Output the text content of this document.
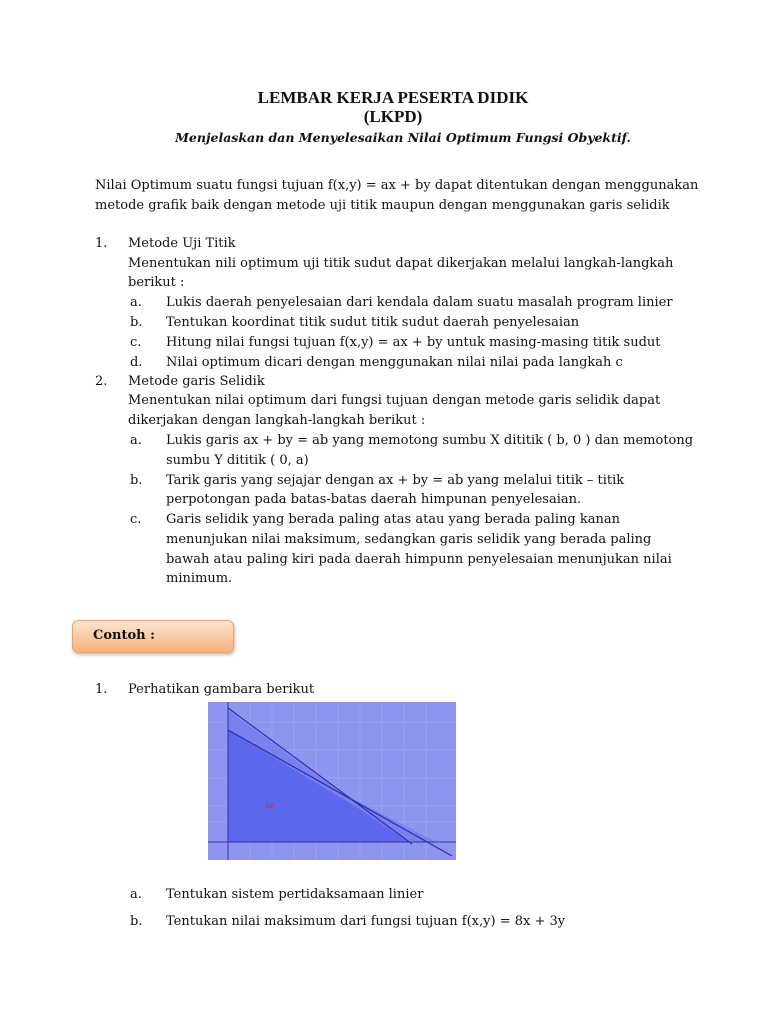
LEMBAR KERJA PESERTA DIDIK
(LKPD)
Menjelaskan dan Menyelesaikan Nilai Optimum Fungsi Obyektif.
Nilai Optimum suatu fungsi tujuan f(x,y) = ax + by dapat ditentukan dengan menggunakan
metode grafik baik dengan metode uji titik maupun dengan menggunakan garis selidik
1. Metode Uji Titik
Menentukan nili optimum uji titik sudut dapat dikerjakan melalui langkah-langkah
berikut :
a. Lukis daerah penyelesaian dari kendala dalam suatu masalah program linier
b. Tentukan koordinat titik sudut titik sudut daerah penyelesaian
c. Hitung nilai fungsi tujuan f(x,y) = ax + by untuk masing-masing titik sudut
d. Nilai optimum dicari dengan menggunakan nilai nilai pada langkah c
2. Metode garis Selidik
Menentukan nilai optimum dari fungsi tujuan dengan metode garis selidik dapat
dikerjakan dengan langkah-langkah berikut :
a. Lukis garis ax + by = ab yang memotong sumbu X dititik ( b, 0 ) dan memotong
sumbu Y dititik ( 0, a)
b. Tarik garis yang sejajar dengan ax + by = ab yang melalui titik – titik
perpotongan pada batas-batas daerah himpunan penyelesaian.
c. Garis selidik yang berada paling atas atau yang berada paling kanan
menunjukan nilai maksimum, sedangkan garis selidik yang berada paling
bawah atau paling kiri pada daerah himpunn penyelesaian menunjukan nilai
minimum.
Contoh :
1. Perhatikan gambara berikut
DP
a. Tentukan sistem pertidaksamaan linier
b. Tentukan nilai maksimum dari fungsi tujuan f(x,y) = 8x + 3y
